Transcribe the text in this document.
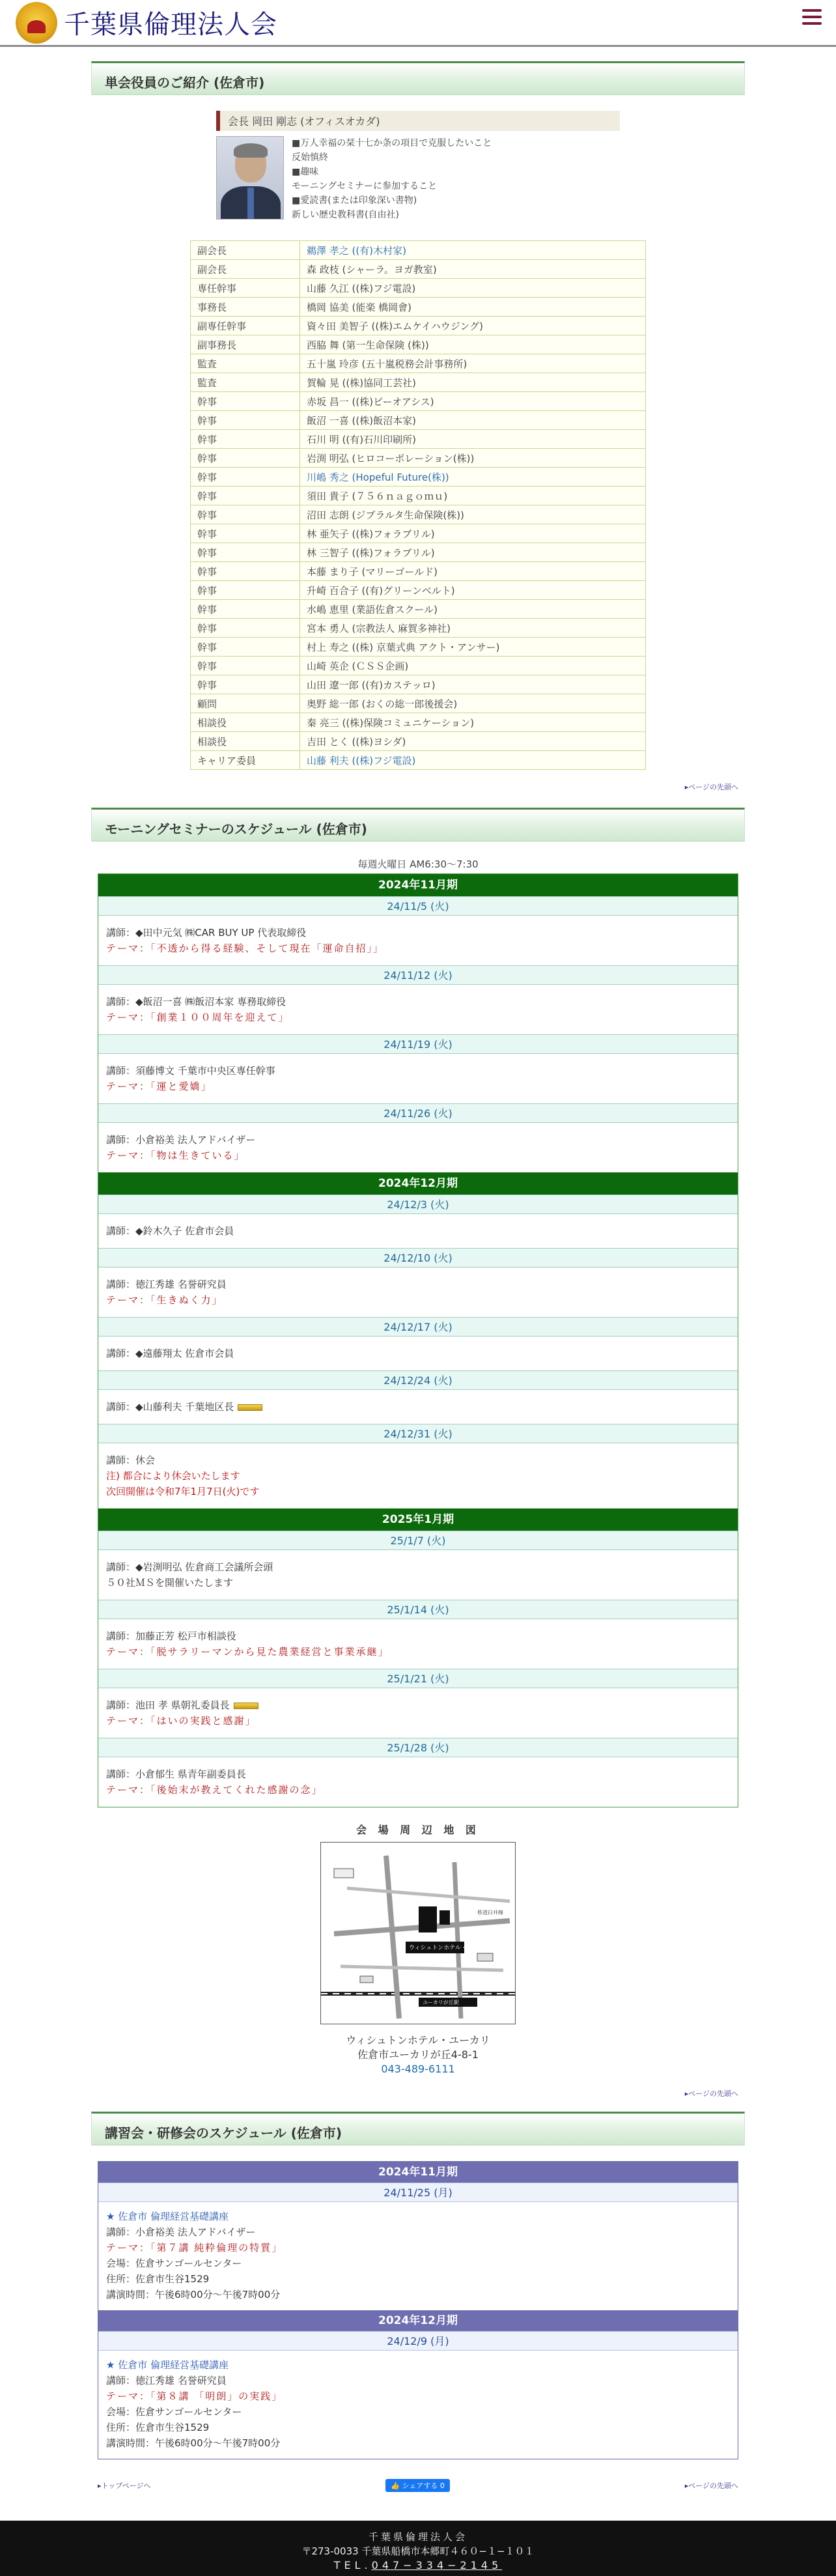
千葉県倫理法人会
単会役員のご紹介 (佐倉市)
会長 岡田 剛志 (オフィスオカダ)
■万人幸福の栞十七か条の項目で克服したいこと
反始慎終
■趣味
モーニングセミナーに参加すること
■愛読書(または印象深い書物)
新しい歴史教科書(自由社)
副会長	鵜澤 孝之 ((有)木村家)
副会長	森 政枝 (シャーラ。ヨガ教室)
専任幹事	山藤 久江 ((株)フジ電設)
事務長	橋岡 協美 (能楽 橋岡會)
副専任幹事	資々田 美智子 ((株)エムケイハウジング)
副事務長	西脇 舞 (第一生命保険 (株))
監査	五十嵐 玲彦 (五十嵐税務会計事務所)
監査	賀輪 晃 ((株)協同工芸社)
幹事	赤坂 昌一 ((株)ピーオアシス)
幹事	飯沼 一喜 ((株)飯沼本家)
幹事	石川 明 ((有)石川印刷所)
幹事	岩渕 明弘 (ヒロコーポレーション(株))
幹事	川嶋 秀之 (Hopeful Future(株))
幹事	須田 貴子 (７５６ｎａｇｏｍｕ)
幹事	沼田 志朗 (ジブラルタ生命保険(株))
幹事	林 亜矢子 ((株)フォラブリル)
幹事	林 三智子 ((株)フォラブリル)
幹事	本藤 まり子 (マリーゴールド)
幹事	升崎 百合子 ((有)グリーンベルト)
幹事	水嶋 恵里 (業語佐倉スクール)
幹事	宮本 勇人 (宗教法人 麻賀多神社)
幹事	村上 寿之 ((株) 京葉式典 アクト・アンサー)
幹事	山崎 英企 (ＣＳＳ企画)
幹事	山田 遼一郎 ((有)カステッロ)
顧問	奥野 総一郎 (おくの総一郎後援会)
相談役	秦 亮三 ((株)保険コミュニケーション)
相談役	吉田 とく ((株)ヨシダ)
キャリア委員	山藤 利夫 ((株)フジ電設)
▸ページの先頭へ
モーニングセミナーのスケジュール (佐倉市)
毎週火曜日 AM6:30〜7:30
2024年11月期
24/11/5 (火)
講師：◆田中元気 ㈱CAR BUY UP 代表取締役
テーマ：「不透から得る経験、そして現在「運命自招」」
24/11/12 (火)
講師：◆飯沼一喜 ㈱飯沼本家 専務取締役
テーマ：「創業１００周年を迎えて」
24/11/19 (火)
講師：須藤博文 千葉市中央区専任幹事
テーマ：「運と愛嬌」
24/11/26 (火)
講師：小倉裕美 法人アドバイザー
テーマ：「物は生きている」
2024年12月期
24/12/3 (火)
講師：◆鈴木久子 佐倉市会員
24/12/10 (火)
講師：徳江秀雄 名誉研究員
テーマ：「生きぬく力」
24/12/17 (火)
講師：◆遠藤翔太 佐倉市会員
24/12/24 (火)
講師：◆山藤利夫 千葉地区長
24/12/31 (火)
講師：休会
注) 都合により休会いたします
次回開催は令和7年1月7日(火)です
2025年1月期
25/1/7 (火)
講師：◆岩渕明弘 佐倉商工会議所会頭
５０社ＭＳを開催いたします
25/1/14 (火)
講師：加藤正芳 松戸市相談役
テーマ：「脱サラリーマンから見た農業経営と事業承継」
25/1/21 (火)
講師：池田 孝 県朝礼委員長
テーマ：「はいの実践と感謝」
25/1/28 (火)
講師：小倉郁生 県青年副委員長
テーマ：「後始末が教えてくれた感謝の念」
会 場 周 辺 地 図
ウィシュトンホテル・ユーカリ
ユーカリが丘駅
県道臼井線
ウィシュトンホテル・ユーカリ
佐倉市ユーカリが丘4-8-1
043-489-6111
▸ページの先頭へ
講習会・研修会のスケジュール (佐倉市)
2024年11月期
24/11/25 (月)
★ 佐倉市 倫理経営基礎講座
講師：小倉裕美 法人アドバイザー
テーマ：「第７講 純粋倫理の特質」
会場：佐倉サンゴールセンター
住所：佐倉市生谷1529
講演時間：午後6時00分〜午後7時00分
2024年12月期
24/12/9 (月)
★ 佐倉市 倫理経営基礎講座
講師：徳江秀雄 名誉研究員
テーマ：「第８講 「明朗」の実践」
会場：佐倉サンゴールセンター
住所：佐倉市生谷1529
講演時間：午後6時00分〜午後7時00分
▸トップページへ	👍 シェアする 0	▸ページの先頭へ
千葉県倫理法人会
〒273-0033 千葉県船橋市本郷町４６０−１−１０１
TEL.047−334−2145
